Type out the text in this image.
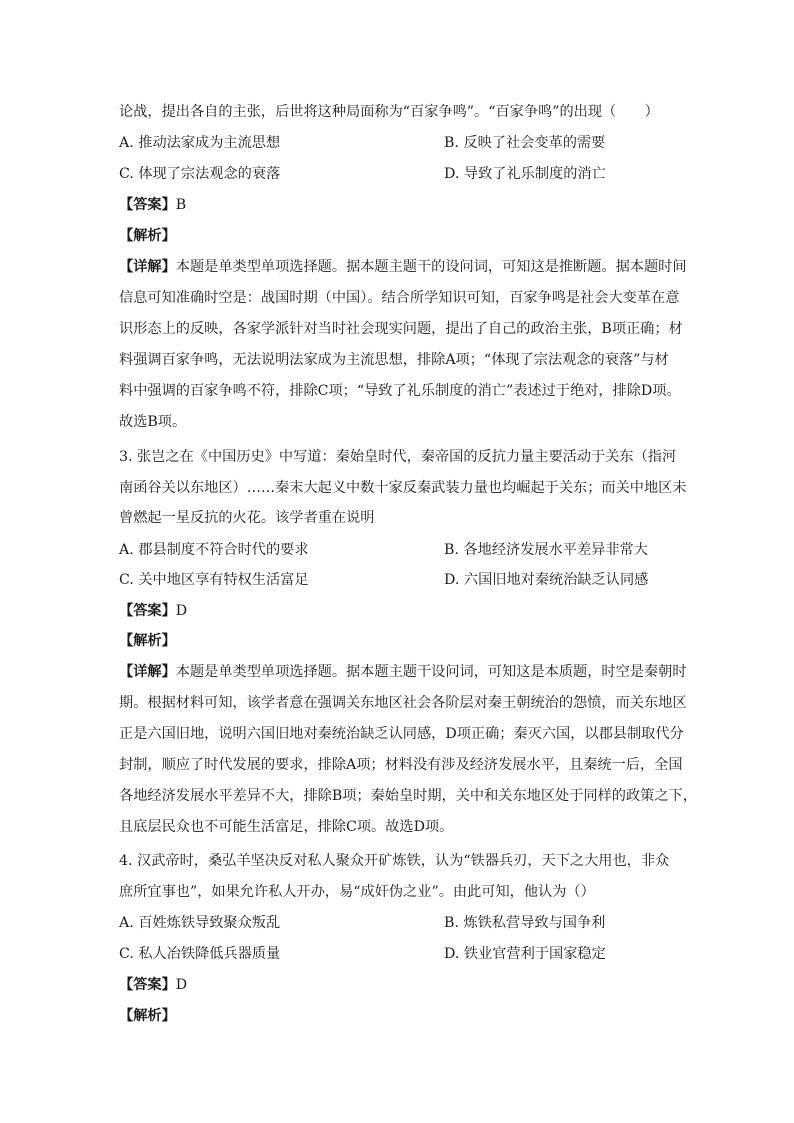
论战，提出各自的主张，后世将这种局面称为“百家争鸣”。“百家争鸣”的出现（　　）
A. 推动法家成为主流思想	B. 反映了社会变革的需要
C. 体现了宗法观念的衰落	D. 导致了礼乐制度的消亡
【答案】B
【解析】
【详解】本题是单类型单项选择题。据本题主题干的设问词，可知这是推断题。据本题时间
信息可知准确时空是：战国时期（中国）。结合所学知识可知，百家争鸣是社会大变革在意
识形态上的反映，各家学派针对当时社会现实问题，提出了自己的政治主张，B项正确；材
料强调百家争鸣，无法说明法家成为主流思想，排除A项；“体现了宗法观念的衰落”与材
料中强调的百家争鸣不符，排除C项；“导致了礼乐制度的消亡”表述过于绝对，排除D项。
故选B项。
3. 张岂之在《中国历史》中写道：秦始皇时代，秦帝国的反抗力量主要活动于关东（指河
南函谷关以东地区）……秦末大起义中数十家反秦武装力量也均崛起于关东；而关中地区未
曾燃起一星反抗的火花。该学者重在说明
A. 郡县制度不符合时代的要求	B. 各地经济发展水平差异非常大
C. 关中地区享有特权生活富足	D. 六国旧地对秦统治缺乏认同感
【答案】D
【解析】
【详解】本题是单类型单项选择题。据本题主题干设问词，可知这是本质题，时空是秦朝时
期。根据材料可知，该学者意在强调关东地区社会各阶层对秦王朝统治的怨愤，而关东地区
正是六国旧地，说明六国旧地对秦统治缺乏认同感，D项正确；秦灭六国，以郡县制取代分
封制，顺应了时代发展的要求，排除A项；材料没有涉及经济发展水平，且秦统一后，全国
各地经济发展水平差异不大，排除B项；秦始皇时期，关中和关东地区处于同样的政策之下，
且底层民众也不可能生活富足，排除C项。故选D项。
4. 汉武帝时，桑弘羊坚决反对私人聚众开矿炼铁，认为“铁器兵刃，天下之大用也，非众
庶所宜事也”，如果允许私人开办，易“成奸伪之业”。由此可知，他认为（）
A. 百姓炼铁导致聚众叛乱	B. 炼铁私营导致与国争利
C. 私人冶铁降低兵器质量	D. 铁业官营利于国家稳定
【答案】D
【解析】
